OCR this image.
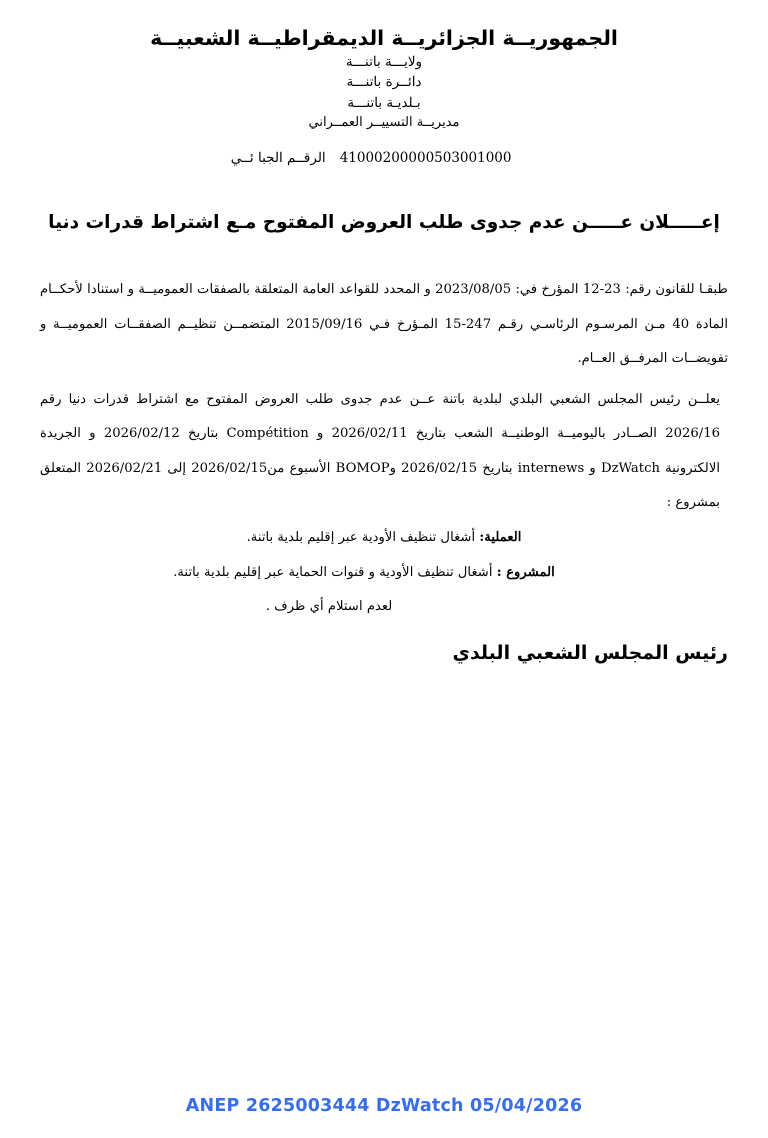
الجمهوريــة الجزائريــة الديمقراطيــة الشعبيــة
ولايـــة باتنـــة
دائــرة باتنـــة
بـلديـة باتنـــة
مديريــة التسييــر العمــراني

41000200000503001000الرقــم الجبا ئــي

إعـــــلان عـــــن عدم جدوى طلب العروض المفتوح مـع اشتراط قدرات دنيا

طبقـا للقانون رقم: 23-12 المؤرخ في: 2023/08/05 و المحدد للقواعد العامة المتعلقة بالصفقات العموميــة و استنادا لأحكــام المادة 40 مـن المرسـوم الرئاسـي رقـم 247-15 المـؤرخ فـي 2015/09/16 المتضمــن تنظيــم الصفقــات العموميــة و تفويضــات المرفــق العــام.

يعلــن رئيس المجلس الشعبي البلدي لبلدية باتنة عــن عدم جدوى طلب العروض المفتوح مع اشتراط قدرات دنيا رقم 2026/16 الصــادر باليوميــة الوطنيــة الشعب بتاريخ 2026/02/11 و Compétition بتاريخ 2026/02/12 و الجريدة الالكترونية DzWatch و internews بتاريخ 2026/02/15 وBOMOP الأسبوع من2026/02/15 إلى 2026/02/21 المتعلق بمشروع :

العملية: أشغال تنظيف الأودية عبر إقليم بلدية باتنة.

المشروع : أشغال تنظيف الأودية و قنوات الحماية عبر إقليم بلدية باتنة.

لعدم استلام أي ظرف .

رئيس المجلس الشعبي البلدي
ANEP 2625003444 DzWatch 05/04/2026
